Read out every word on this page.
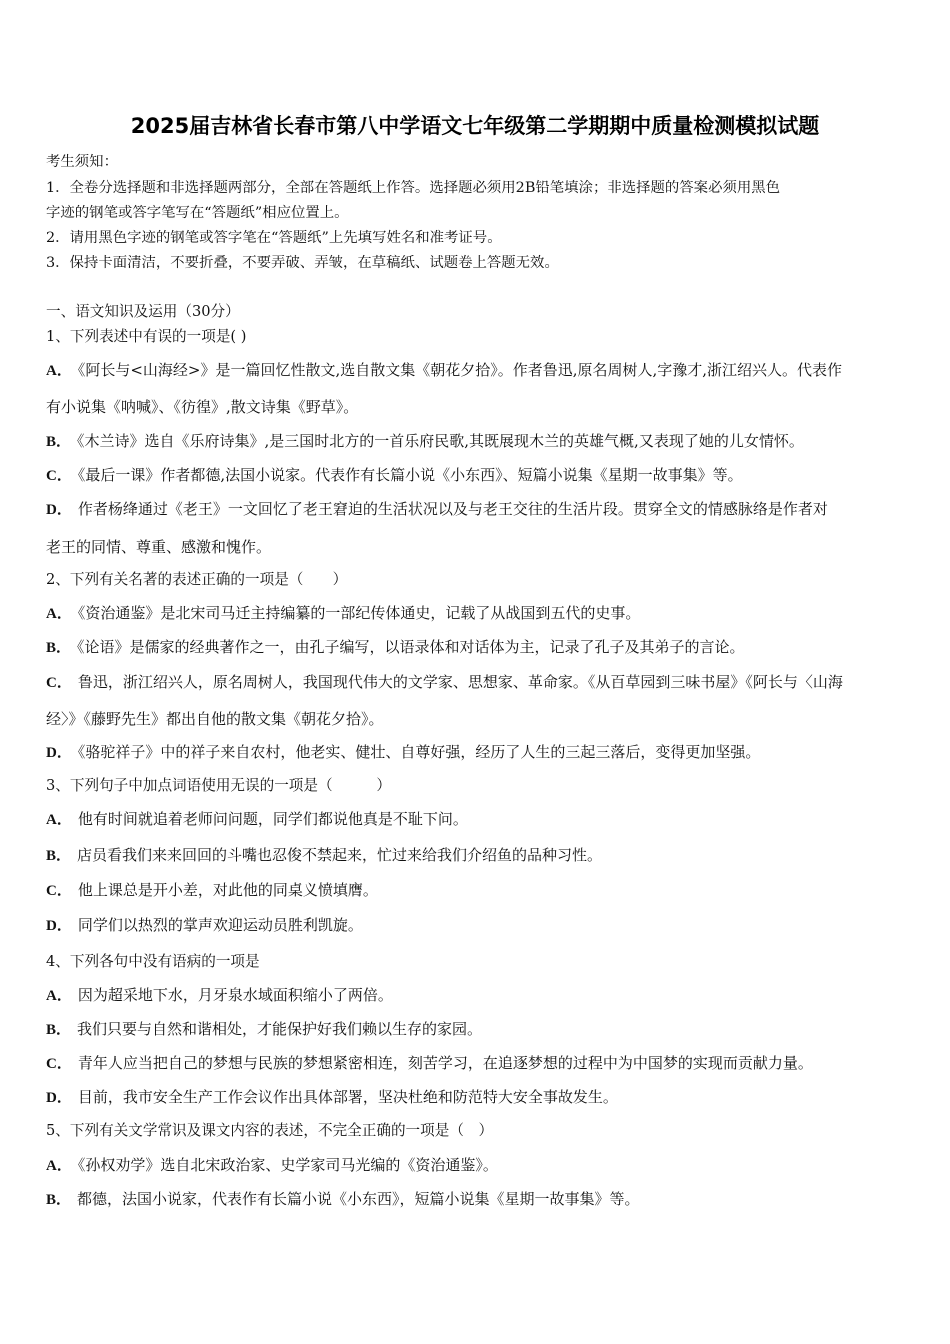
2025届吉林省长春市第八中学语文七年级第二学期期中质量检测模拟试题
考生须知：
1．全卷分选择题和非选择题两部分，全部在答题纸上作答。选择题必须用2B铅笔填涂；非选择题的答案必须用黑色
字迹的钢笔或答字笔写在“答题纸”相应位置上。
2．请用黑色字迹的钢笔或答字笔在“答题纸”上先填写姓名和准考证号。
3．保持卡面清洁，不要折叠，不要弄破、弄皱，在草稿纸、试题卷上答题无效。
一、语文知识及运用（30分）
1、下列表述中有误的一项是( )
A． 《阿长与<山海经>》是一篇回忆性散文,选自散文集《朝花夕拾》。作者鲁迅,原名周树人,字豫才,浙江绍兴人。代表作
有小说集《呐喊》、《彷徨》,散文诗集《野草》。
B． 《木兰诗》选自《乐府诗集》,是三国时北方的一首乐府民歌,其既展现木兰的英雄气概,又表现了她的儿女情怀。
C． 《最后一课》作者都德,法国小说家。代表作有长篇小说《小东西》、短篇小说集《星期一故事集》等。
D． 作者杨绛通过《老王》一文回忆了老王窘迫的生活状况以及与老王交往的生活片段。贯穿全文的情感脉络是作者对
老王的同情、尊重、感激和愧作。
2、下列有关名著的表述正确的一项是（　　）
A． 《资治通鉴》是北宋司马迁主持编纂的一部纪传体通史，记载了从战国到五代的史事。
B． 《论语》是儒家的经典著作之一，由孔子编写，以语录体和对话体为主，记录了孔子及其弟子的言论。
C． 鲁迅，浙江绍兴人，原名周树人，我国现代伟大的文学家、思想家、革命家。《从百草园到三味书屋》《阿长与〈山海
经〉》《藤野先生》都出自他的散文集《朝花夕拾》。
D． 《骆驼祥子》中的祥子来自农村，他老实、健壮、自尊好强，经历了人生的三起三落后，变得更加坚强。
3、下列句子中加点词语使用无误的一项是（　　　）
A． 他有时间就追着老师问问题，同学们都说他真是不耻下问。
B． 店员看我们来来回回的斗嘴也忍俊不禁起来，忙过来给我们介绍鱼的品种习性。
C． 他上课总是开小差，对此他的同桌义愤填膺。
D． 同学们以热烈的掌声欢迎运动员胜利凯旋。
4、下列各句中没有语病的一项是
A． 因为超采地下水，月牙泉水域面积缩小了两倍。
B． 我们只要与自然和谐相处，才能保护好我们赖以生存的家园。
C． 青年人应当把自己的梦想与民族的梦想紧密相连，刻苦学习，在追逐梦想的过程中为中国梦的实现而贡献力量。
D． 目前，我市安全生产工作会议作出具体部署，坚决杜绝和防范特大安全事故发生。
5、下列有关文学常识及课文内容的表述，不完全正确的一项是（　）
A． 《孙权劝学》选自北宋政治家、史学家司马光编的《资治通鉴》。
B． 都德，法国小说家，代表作有长篇小说《小东西》，短篇小说集《星期一故事集》等。
